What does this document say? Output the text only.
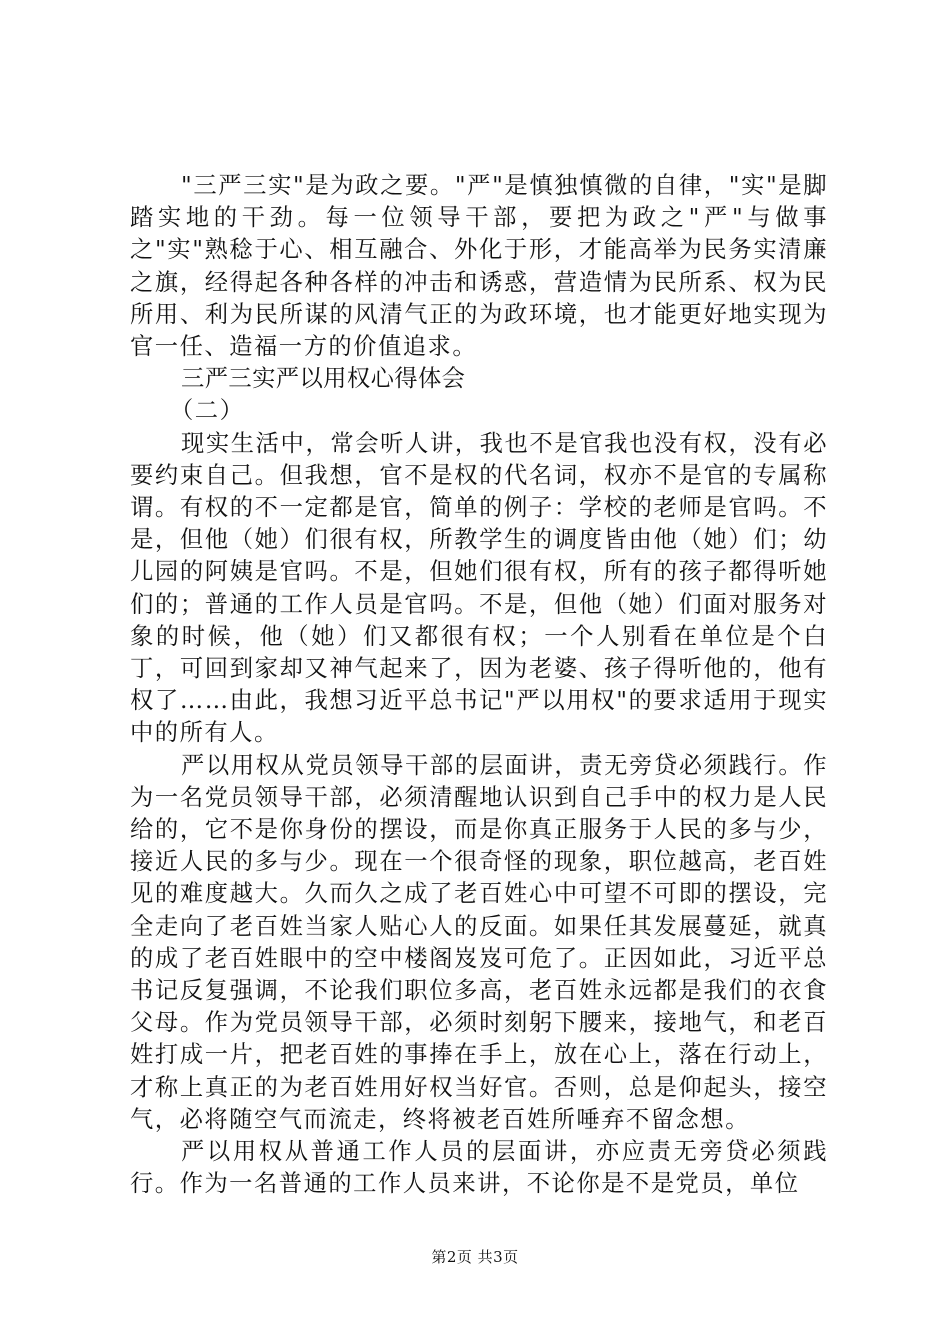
"三严三实"是为政之要。"严"是慎独慎微的自律，"实"是脚踏实地的干劲。每一位领导干部，要把为政之"严"与做事之"实"熟稔于心、相互融合、外化于形，才能高举为民务实清廉之旗，经得起各种各样的冲击和诱惑，营造情为民所系、权为民所用、利为民所谋的风清气正的为政环境，也才能更好地实现为官一任、造福一方的价值追求。

三严三实严以用权心得体会

（二）

现实生活中，常会听人讲，我也不是官我也没有权，没有必要约束自己。但我想，官不是权的代名词，权亦不是官的专属称谓。有权的不一定都是官，简单的例子：学校的老师是官吗。不是，但他（她）们很有权，所教学生的调度皆由他（她）们；幼儿园的阿姨是官吗。不是，但她们很有权，所有的孩子都得听她们的；普通的工作人员是官吗。不是，但他（她）们面对服务对象的时候，他（她）们又都很有权；一个人别看在单位是个白丁，可回到家却又神气起来了，因为老婆、孩子得听他的，他有权了……由此，我想习近平总书记"严以用权"的要求适用于现实中的所有人。

严以用权从党员领导干部的层面讲，责无旁贷必须践行。作为一名党员领导干部，必须清醒地认识到自己手中的权力是人民给的，它不是你身份的摆设，而是你真正服务于人民的多与少，接近人民的多与少。现在一个很奇怪的现象，职位越高，老百姓见的难度越大。久而久之成了老百姓心中可望不可即的摆设，完全走向了老百姓当家人贴心人的反面。如果任其发展蔓延，就真的成了老百姓眼中的空中楼阁岌岌可危了。正因如此，习近平总书记反复强调，不论我们职位多高，老百姓永远都是我们的衣食父母。作为党员领导干部，必须时刻躬下腰来，接地气，和老百姓打成一片，把老百姓的事捧在手上，放在心上，落在行动上，才称上真正的为老百姓用好权当好官。否则，总是仰起头，接空气，必将随空气而流走，终将被老百姓所唾弃不留念想。

严以用权从普通工作人员的层面讲，亦应责无旁贷必须践行。作为一名普通的工作人员来讲，不论你是不是党员，单位

第2页 共3页
